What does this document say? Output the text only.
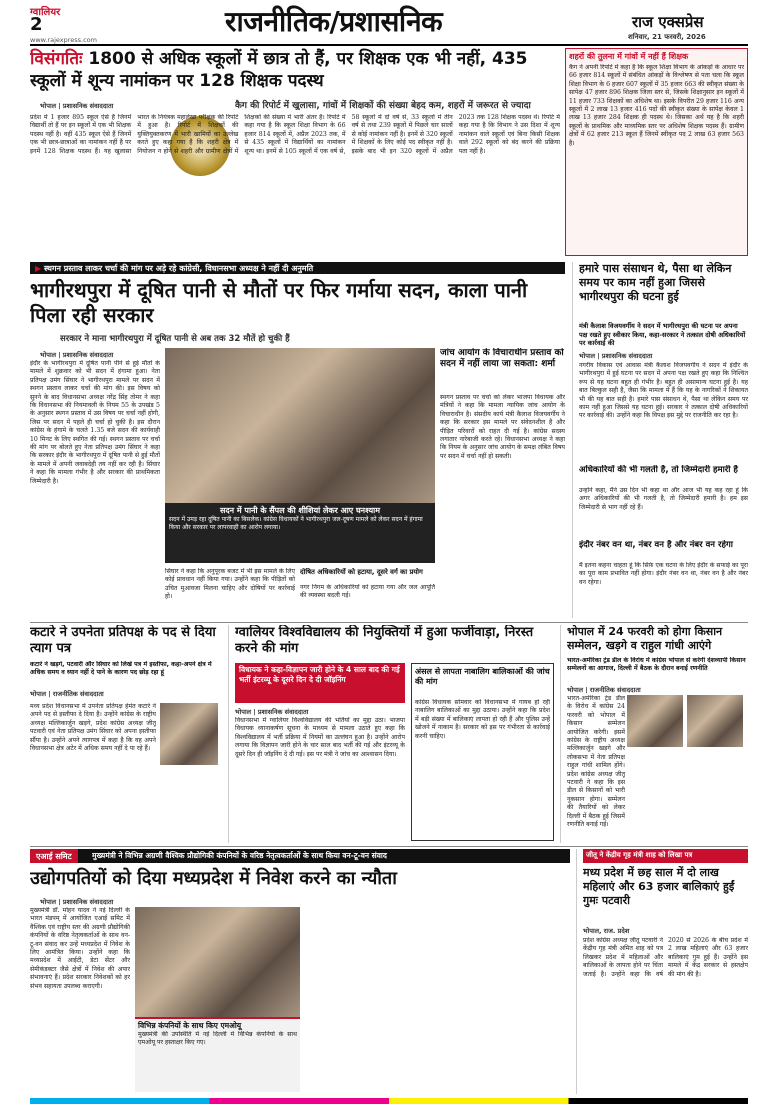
ग्वालियर
2
www.rajexpress.com
राजनीतिक/प्रशासनिक	राज एक्सप्रेस
शनिवार, 21 फरवरी, 2026
विसंगतिः 1800 से अधिक स्कूलों में छात्र तो हैं, पर शिक्षक एक भी नहीं, 435 स्कूलों में शून्य नामांकन पर 128 शिक्षक पदस्थ
कैग की रिपोर्ट में खुलासा, गांवों में शिक्षकों की संख्या बेहद कम, शहरों में जरूरत से ज्यादा
भोपाल | प्रशासनिक संवाददाता
प्रदेश में 1 हजार 895 स्कूल ऐसे हैं जिनमें विद्यार्थी तो हैं पर इन स्कूलों में एक भी शिक्षक पदस्थ नहीं है। वहीं 435 स्कूल ऐसे हैं जिनमें एक भी छात्र-छात्राओं का नामांकन नहीं है पर इनमें 128 शिक्षक पदस्थ हैं। यह खुलासा भारत के नियंत्रक महालेखा परीक्षक की रिपोर्ट में हुआ है। रिपोर्ट में शिक्षकों की युक्तियुक्तकरण में भारी खामियों का उल्लेख करते हुए कहा गया है कि शहरी क्षेत्र में नियोजन न होने से शहरी और ग्रामीण क्षेत्रों में शिक्षकों की संख्या में भारी अंतर है। रिपोर्ट में कहा गया है कि स्कूल शिक्षा विभाग के 66 हजार 814 स्कूलों में, अप्रैल 2023 तक, में से 435 स्कूलों में विद्यार्थियों का नामांकन शून्य था। इनमें से 105 स्कूलों में एक वर्ष से, 58 स्कूलों में दो वर्ष से, 33 स्कूलों में तीन वर्ष से तथा 239 स्कूलों में पिछले चार सालों से कोई नामांकन नहीं है। इनमें से 320 स्कूलों में शिक्षकों के लिए कोई पद स्वीकृत नहीं है। इसके बाद भी इन 320 स्कूलों में अप्रैल 2023 तक 128 शिक्षक पदस्थ थे। रिपोर्ट में कहा गया है कि विभाग ने उस दिशा में शून्य नामांकन वाले स्कूलों एवं बिना किसी शिक्षक वाले 292 स्कूलों को बंद करने की प्रक्रिया पता नहीं है।
शहरों की तुलना में गांवों में नहीं हैं शिक्षक
कैग ने अपनी रिपोर्ट में कहा है कि स्कूल शिक्षा विभाग के आंकड़ों के आधार पर 66 हजार 814 स्कूलों में संबंधित आंकड़ों के विश्लेषण से पता चला कि स्कूल शिक्षा विभाग के 6 हजार 607 स्कूलों में 35 हजार 663 की स्वीकृत संख्या के सापेक्ष 47 हजार 896 शिक्षक जिला स्तर से, जिसके शिक्षानुसार इन स्कूलों में 11 हजार 733 शिक्षकों का अधिशेष था। इसके विपरीत 29 हजार 116 अन्य स्कूलों में 2 लाख 13 हजार 416 पदों की स्वीकृत संख्या के सापेक्ष केवल 1 लाख 13 हजार 284 शिक्षक ही पदस्थ थे। जिसका अर्थ यह है कि शहरी स्कूलों के प्राथमिक और माध्यमिक स्तर पर अधिशेष शिक्षक पदस्थ हैं। ग्रामीण क्षेत्रों में 62 हजार 213 स्कूल हैं जिनमें स्वीकृत पद 2 लाख 63 हजार 563 है।
▶ स्थगन प्रस्ताव लाकर चर्चा की मांग पर अड़े रहे कांग्रेसी, विधानसभा अध्यक्ष ने नहीं दी अनुमति
भागीरथपुरा में दूषित पानी से मौतों पर फिर गर्माया सदन, काला पानी पिला रही सरकार
सरकार ने माना भागीरथपुरा में दूषित पानी से अब तक 32 मौतें हो चुकी हैं
भोपाल | प्रशासनिक संवाददाता
इंदौर के भागीरथपुरा में दूषित पानी पीने से हुई मौतों के मामले में शुक्रवार को भी सदन में हंगामा हुआ। नेता प्रतिपक्ष उमंग सिंघार ने भागीरथपुरा मामले पर सदन में स्थगन प्रस्ताव लाकर चर्चा की मांग की। इस विषय को सुनने के बाद विधानसभा अध्यक्ष नरेंद्र सिंह तोमर ने कहा कि विधानसभा की नियमावली के नियम 55 के उपखंड 5 के अनुसार स्थगन प्रस्ताव में उस विषय पर चर्चा नहीं होगी, जिस पर सदन में पहले ही चर्चा हो चुकी है। इस दौरान कांग्रेस के हंगामे के चलते 1.35 बजे सदन की कार्यवाही 10 मिनट के लिए स्थगित की गई। स्थगन प्रस्ताव पर चर्चा की मांग पर बोलते हुए नेता प्रतिपक्ष उमंग सिंघार ने कहा कि सरकार इंदौर के भागीरथपुरा में दूषित पानी से हुई मौतों के मामले में अपनी जवाबदेही तय नहीं कर रही है। सिंघार ने कहा कि मामला गंभीर है और सरकार की प्राथमिकता जिम्मेदारी है।
सदन में पानी के सैंपल की शीशियां लेकर आए घनश्याम
सदन में उमड़ रहा दूषित पानी का बिसलेक। कांग्रेस विधायकों ने भागीरथपुरा जल-दूषण मामले को लेकर सदन में हंगामा किया और सरकार पर लापरवाही का आरोप लगाया।
जांच आयोग के विचाराधीन प्रस्ताव को सदन में नहीं लाया जा सकता: शर्मा
स्थगन प्रस्ताव पर चर्चा को लेकर भाजपा विधायक और मंत्रियों ने कहा कि मामला न्यायिक जांच आयोग के विचाराधीन है। संसदीय कार्य मंत्री कैलाश विजयवर्गीय ने कहा कि सरकार इस मामले पर संवेदनशील है और पीड़ित परिवारों को राहत दी गई है। कांग्रेस सदस्य लगातार नारेबाजी करते रहे। विधानसभा अध्यक्ष ने कहा कि नियम के अनुसार जांच आयोग के समक्ष लंबित विषय पर सदन में चर्चा नहीं हो सकती।
सिंघार ने कहा कि अनुपूरक बजट में भी इस मामले के लिए कोई प्रावधान नहीं किया गया। उन्होंने कहा कि पीड़ितों को उचित मुआवजा मिलना चाहिए और दोषियों पर कार्रवाई हो।
दोषित अधिकारियों को हटाया, दूसरे वर्ग का प्रयोग
नगर निगम के अधिकारियों को हटाया गया और जल आपूर्ति की व्यवस्था बदली गई।
हमारे पास संसाधन थे, पैसा था लेकिन समय पर काम नहीं हुआ जिससे भागीरथपुरा की घटना हुई
मंत्री कैलाश विजयवर्गीय ने सदन में भागीरथपुरा की घटना पर अपना पक्ष रखते हुए स्वीकार किया, कहा-सरकार ने तत्काल दोषी अधिकारियों पर कार्रवाई की
भोपाल | प्रशासनिक संवाददाता
नगरीय विकास एवं आवास मंत्री कैलाश विजयवर्गीय ने सदन में इंदौर के भागीरथपुरा में हुई घटना पर सदन में अपना पक्ष रखते हुए कहा कि निश्चित रूप से यह घटना बहुत ही गंभीर है। बहुत ही असामान्य घटना हुई है। यह बात बिल्कुल सही है, जैसा कि मामला में हैं कि यह के नागरिकों ने शिकायत भी की यह बात सही है। हमारे पास संसाधन थे, पैसा था लेकिन समय पर काम नहीं हुआ जिससे यह घटना हुई। सरकार ने तत्काल दोषी अधिकारियों पर कार्रवाई की। उन्होंने कहा कि विपक्ष इस मुद्दे पर राजनीति कर रहा है।
अधिकारियों की भी गलती है, तो जिम्मेदारी हमारी है
उन्होंने कहा, मैंने उस दिन भी कहा था और आज भी यह कह रहा हूं कि अगर अधिकारियों की भी गलती है, तो जिम्मेदारी हमारी है। हम इस जिम्मेदारी से भाग नहीं रहे हैं।
इंदौर नंबर वन था, नंबर वन है और नंबर वन रहेगा
मैं इतना कहना चाहता हूं कि सिर्फ़ एक घटना के लिए इंदौर के सफाई का पूरा का पूरा काम प्रभावित नहीं होगा। इंदौर नंबर वन था, नंबर वन है और नंबर वन रहेगा।
कटारे ने उपनेता प्रतिपक्ष के पद से दिया त्याग पत्र
कटारे ने खड़गे, पटवारी और सिंघार को लिखे पत्र में इस्तीफा, कहा-अपने क्षेत्र में अधिक समय व ध्यान नहीं दे पाने के कारण पद छोड़ रहा हूं
भोपाल | राजनीतिक संवाददाता
मध्य प्रदेश विधानसभा में उपनेता प्रतिपक्ष हेमंत कटारे ने अपने पद से इस्तीफा दे दिया है। उन्होंने कांग्रेस के राष्ट्रीय अध्यक्ष मल्लिकार्जुन खड़गे, प्रदेश कांग्रेस अध्यक्ष जीतू पटवारी एवं नेता प्रतिपक्ष उमंग सिंघार को अपना इस्तीफा सौंपा है। उन्होंने अपने त्यागपत्र में कहा है कि वह अपने विधानसभा क्षेत्र अटेर में अधिक समय नहीं दे पा रहे हैं।
ग्वालियर विश्वविद्यालय की नियुक्तियों में हुआ फर्जीवाड़ा, निरस्त करने की मांग
विधायक ने कहा-विज्ञापन जारी होने के 4 साल बाद की गई भर्ती इंटरव्यू के दूसरे दिन दे दी जॉइनिंग
भोपाल | प्रशासनिक संवाददाता
विधानसभा में ग्वालियर विश्वविद्यालय की भर्तियों का मुद्दा उठा। भाजपा विधायक ध्यानाकर्षण सूचना के माध्यम से मामला उठाते हुए कहा कि विश्वविद्यालय में भर्ती प्रक्रिया में नियमों का उल्लंघन हुआ है। उन्होंने आरोप लगाया कि विज्ञापन जारी होने के चार साल बाद भर्ती की गई और इंटरव्यू के दूसरे दिन ही जॉइनिंग दे दी गई। इस पर मंत्री ने जांच का आश्वासन दिया।
अंसल से लापता नाबालिग बालिकाओं की जांच की मांग
कांग्रेस विधायक सोमवार को विधानसभा में गायब हो रही नाबालिग बालिकाओं का मुद्दा उठाया। उन्होंने कहा कि प्रदेश में बड़ी संख्या में बालिकाएं लापता हो रही हैं और पुलिस उन्हें खोजने में नाकाम है। सरकार को इस पर गंभीरता से कार्रवाई करनी चाहिए।
भोपाल में 24 फरवरी को होगा किसान सम्मेलन, खड़गे व राहुल गांधी आएंगे
भारत-अमेरिका ट्रेड डील के विरोध में कांग्रेस भोपाल से करेगी देशव्यापी किसान सम्मेलनों का आगाज, दिल्ली में बैठक के दौरान बनाई रणनीति
भोपाल | राजनीतिक संवाददाता
भारत-अमेरिका ट्रेड डील के विरोध में कांग्रेस 24 फरवरी को भोपाल में किसान सम्मेलन आयोजित करेगी। इसमें कांग्रेस के राष्ट्रीय अध्यक्ष मल्लिकार्जुन खड़गे और लोकसभा में नेता प्रतिपक्ष राहुल गांधी शामिल होंगे। प्रदेश कांग्रेस अध्यक्ष जीतू पटवारी ने कहा कि इस डील से किसानों को भारी नुकसान होगा। सम्मेलन की तैयारियों को लेकर दिल्ली में बैठक हुई जिसमें रणनीति बनाई गई।
एआई समिट	मुख्यमंत्री ने विभिन्न अग्रणी वैश्विक प्रौद्योगिकी कंपनियों के वरिष्ठ नेतृत्वकर्ताओं के साथ किया वन-टू-वन संवाद
उद्योगपतियों को दिया मध्यप्रदेश में निवेश करने का न्यौता
भोपाल | प्रशासनिक संवाददाता
मुख्यमंत्री डॉ. मोहन यादव ने नई दिल्ली के भारत मंडपम् में आयोजित एआई समिट में वैश्विक एवं राष्ट्रीय स्तर की अग्रणी प्रौद्योगिकी कंपनियों के वरिष्ठ नेतृत्वकर्ताओं के साथ वन-टू-वन संवाद कर उन्हें मध्यप्रदेश में निवेश के लिए आमंत्रित किया। उन्होंने कहा कि मध्यप्रदेश में आईटी, डेटा सेंटर और सेमीकंडक्टर जैसे क्षेत्रों में निवेश की अपार संभावनाएं हैं। प्रदेश सरकार निवेशकों को हर संभव सहायता उपलब्ध कराएगी।
विभिन्न कंपनियों के साथ किए एमओयू
मुख्यमंत्री की उपस्थिति में नई दिल्ली में विभिन्न कंपनियों के साथ एमओयू पर हस्ताक्षर किए गए।
जीतू ने केंद्रीय गृह मंत्री शाह को लिखा पत्र
मध्य प्रदेश में छह साल में दो लाख महिलाएं और 63 हजार बालिकाएं हुईं गुमः पटवारी
भोपाल, राज. प्रदेश
प्रदेश कांग्रेस अध्यक्ष जीतू पटवारी ने केंद्रीय गृह मंत्री अमित शाह को पत्र लिखकर प्रदेश में महिलाओं और बालिकाओं के लापता होने पर चिंता जताई है। उन्होंने कहा कि वर्ष 2020 से 2026 के बीच प्रदेश में 2 लाख महिलाएं और 63 हजार बालिकाएं गुम हुई हैं। उन्होंने इस मामले में केंद्र सरकार से हस्तक्षेप की मांग की है।
